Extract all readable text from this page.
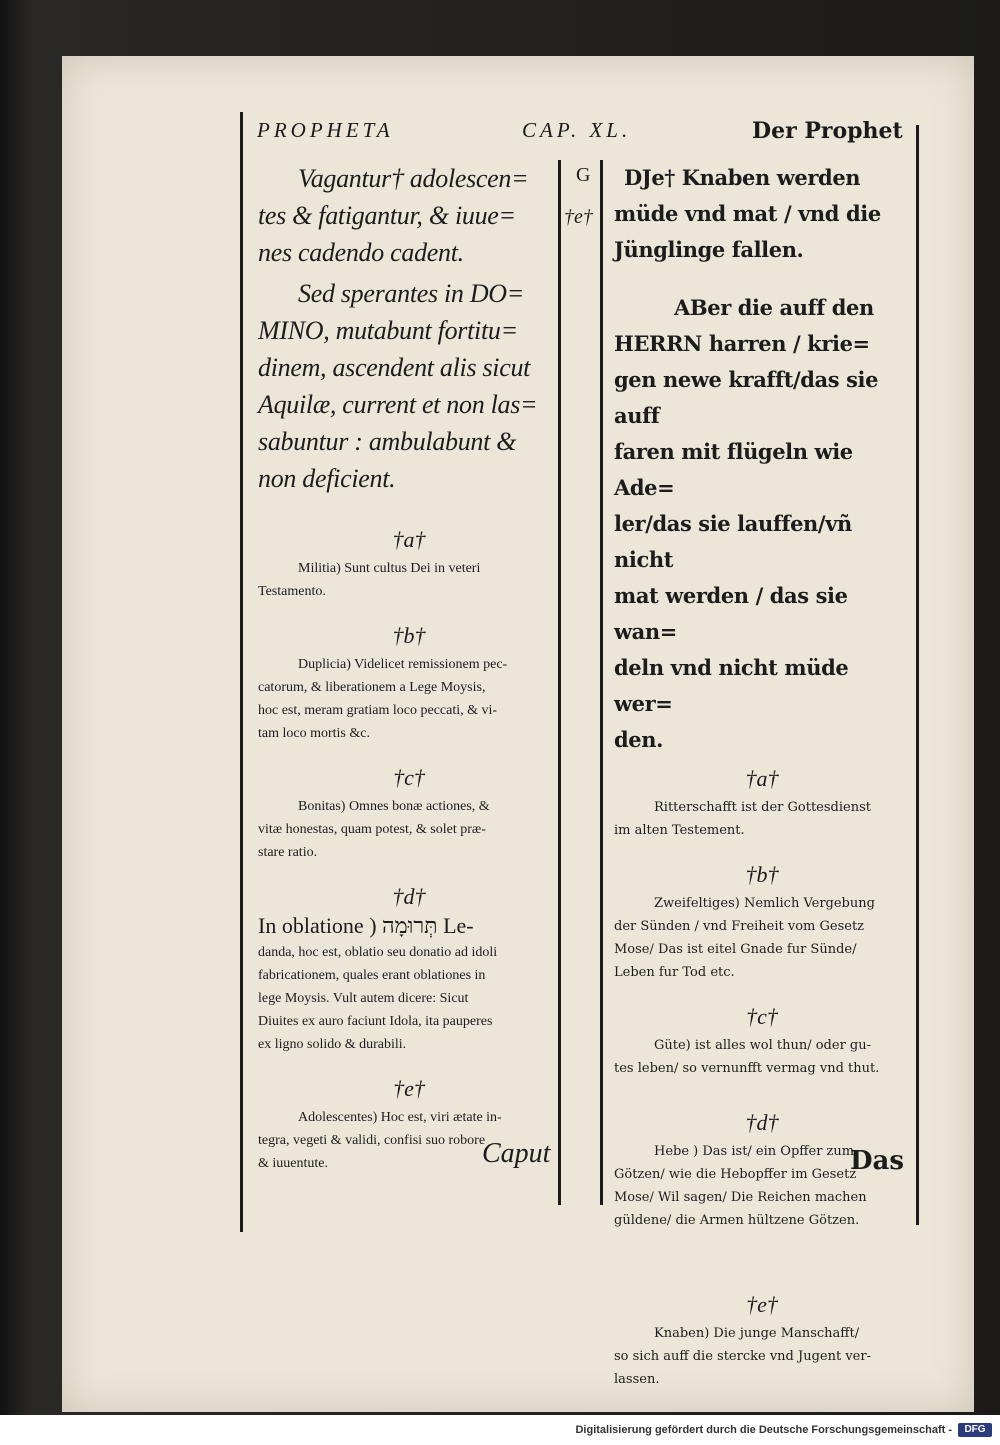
PROPHETA	CAP. XL.	Der Prophet
G
†e†

Vagantur† adolescen=

tes & fatigantur, & iuue=
nes cadendo cadent.

Sed sperantes in DO=
MINO, mutabunt fortitu=
dinem, ascendent alis sicut
Aquilæ, current et non las=
sabuntur : ambulabunt &
non deficient.

†a†

Militia) Sunt cultus Dei in veteri
Testamento.

†b†

Duplicia) Videlicet remissionem pec-
catorum, & liberationem a Lege Moysis,
hoc est, meram gratiam loco peccati, & vi-
tam loco mortis &c.

†c†

Bonitas) Omnes bonæ actiones, &
vitæ honestas, quam potest, & solet præ-
stare ratio.

†d†

In oblatione ) תְּרוּמָה Le-
danda, hoc est, oblatio seu donatio ad idoli
fabricationem, quales erant oblationes in
lege Moysis. Vult autem dicere: Sicut
Diuites ex auro faciunt Idola, ita pauperes
ex ligno solido & durabili.

†e†

Adolescentes) Hoc est, viri ætate in-
tegra, vegeti & validi, confisi suo robore
& iuuentute.

DJe† Knaben werden
müde vnd mat / vnd die
Jünglinge fallen.

ABer die auff den
HERRN harren / krie=
gen newe krafft/das sie auff
faren mit flügeln wie Ade=
ler/das sie lauffen/vñ nicht
mat werden / das sie wan=
deln vnd nicht müde wer=
den.

†a†

Ritterschafft ist der Gottesdienst
im alten Testement.

†b†

Zweifeltiges) Nemlich Vergebung
der Sünden / vnd Freiheit vom Gesetz
Mose/ Das ist eitel Gnade fur Sünde/
Leben fur Tod etc.

†c†

Güte) ist alles wol thun/ oder gu-
tes leben/ so vernunfft vermag vnd thut.

†d†

Hebe ) Das ist/ ein Opffer zum
Götzen/ wie die Hebopffer im Gesetz
Mose/ Wil sagen/ Die Reichen machen
güldene/ die Armen hültzene Götzen.

†e†

Knaben) Die junge Manschafft/
so sich auff die stercke vnd Jugent ver-
lassen.

Caput	Das
Digitalisierung gefördert durch die Deutsche Forschungsgemeinschaft -	DFG
